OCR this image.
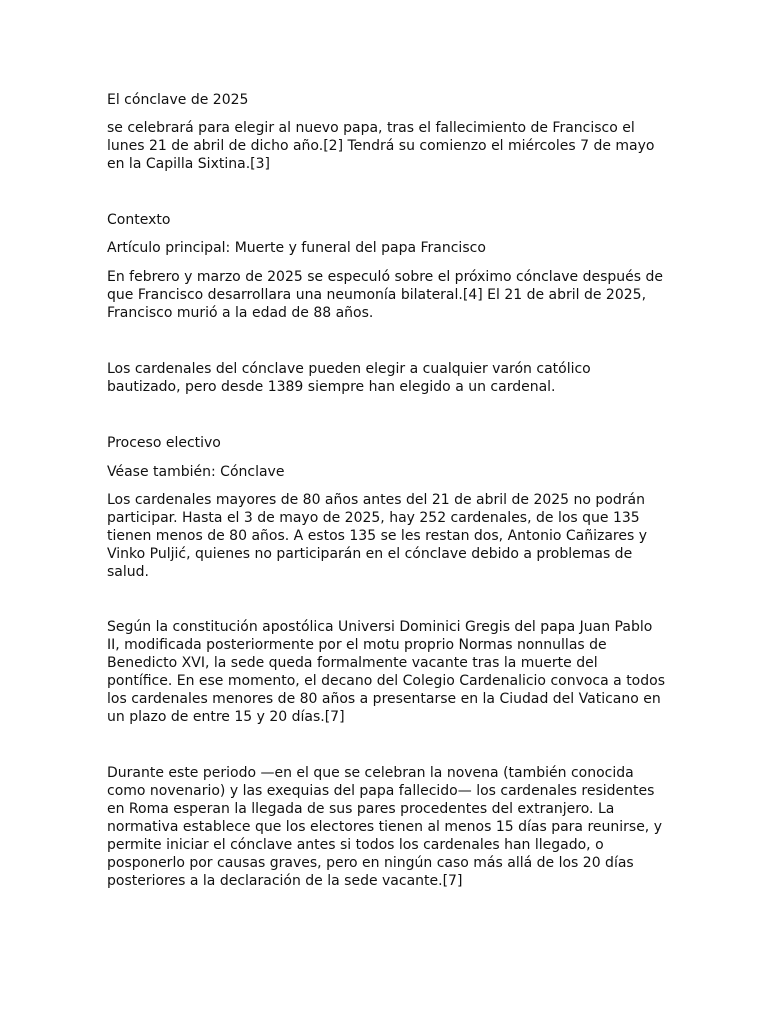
El cónclave de 2025

se celebrará para elegir al nuevo papa, tras el fallecimiento de Francisco el lunes 21 de abril de dicho año.[2] Tendrá su comienzo el miércoles 7 de mayo en la Capilla Sixtina.[3]

Contexto

Artículo principal: Muerte y funeral del papa Francisco

En febrero y marzo de 2025 se especuló sobre el próximo cónclave después de que Francisco desarrollara una neumonía bilateral.[4] El 21 de abril de 2025, Francisco murió a la edad de 88 años.

Los cardenales del cónclave pueden elegir a cualquier varón católico bautizado, pero desde 1389 siempre han elegido a un cardenal.

Proceso electivo

Véase también: Cónclave

Los cardenales mayores de 80 años antes del 21 de abril de 2025 no podrán participar. Hasta el 3 de mayo de 2025, hay 252 cardenales, de los que 135 tienen menos de 80 años. A estos 135 se les restan dos, Antonio Cañizares y Vinko Puljić, quienes no participarán en el cónclave debido a problemas de salud.

Según la constitución apostólica Universi Dominici Gregis del papa Juan Pablo II, modificada posteriormente por el motu proprio Normas nonnullas de Benedicto XVI, la sede queda formalmente vacante tras la muerte del pontífice. En ese momento, el decano del Colegio Cardenalicio convoca a todos los cardenales menores de 80 años a presentarse en la Ciudad del Vaticano en un plazo de entre 15 y 20 días.[7]

Durante este periodo —en el que se celebran la novena (también conocida como novenario) y las exequias del papa fallecido— los cardenales residentes en Roma esperan la llegada de sus pares procedentes del extranjero. La normativa establece que los electores tienen al menos 15 días para reunirse, y permite iniciar el cónclave antes si todos los cardenales han llegado, o posponerlo por causas graves, pero en ningún caso más allá de los 20 días posteriores a la declaración de la sede vacante.[7]
